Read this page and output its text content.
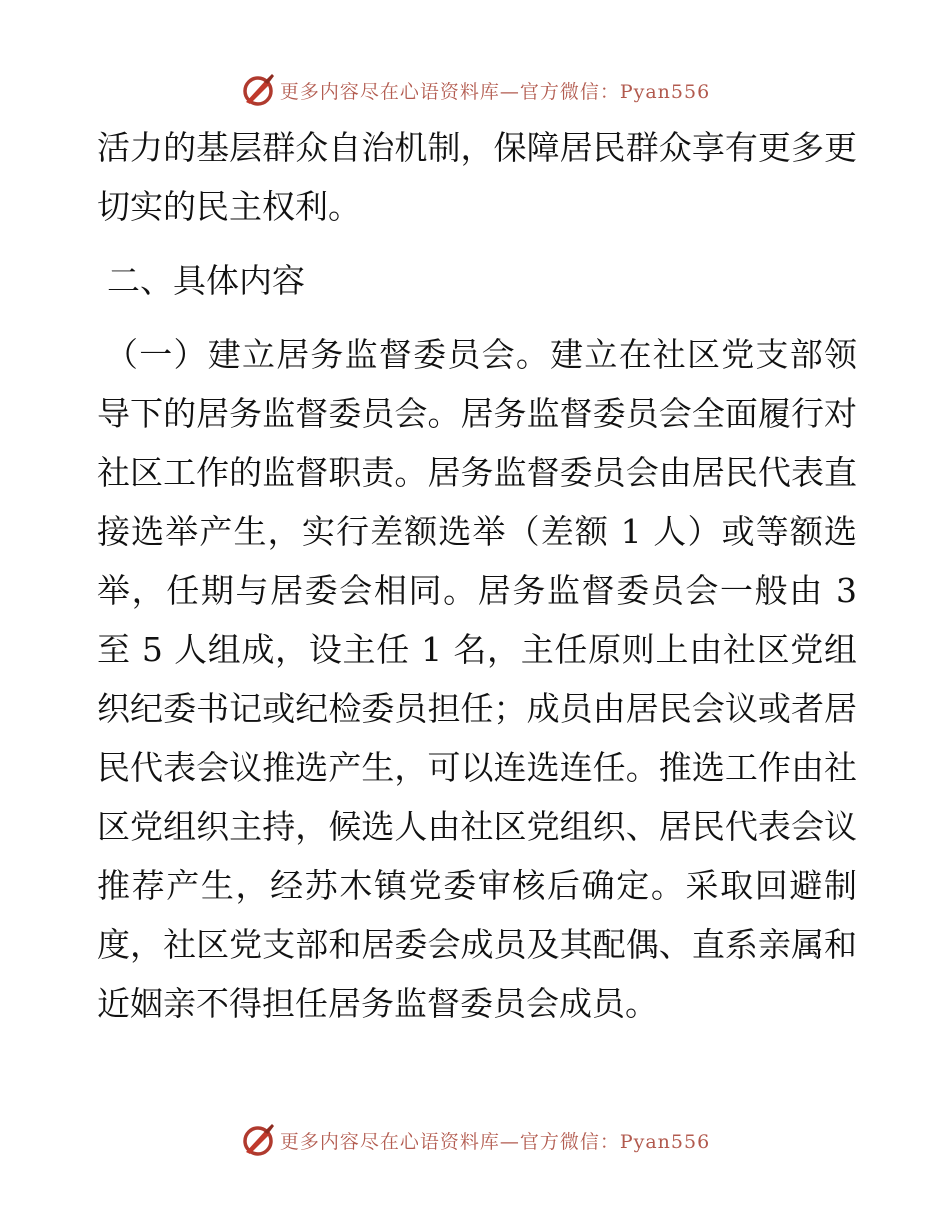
更多内容尽在心语资料库—官方微信：Pyan556

活力的基层群众自治机制，保障居民群众享有更多更切实的民主权利。

二、具体内容

（一）建立居务监督委员会。建立在社区党支部领导下的居务监督委员会。居务监督委员会全面履行对社区工作的监督职责。居务监督委员会由居民代表直接选举产生，实行差额选举（差额 1 人）或等额选举，任期与居委会相同。居务监督委员会一般由 3 至 5 人组成，设主任 1 名，主任原则上由社区党组织纪委书记或纪检委员担任；成员由居民会议或者居民代表会议推选产生，可以连选连任。推选工作由社区党组织主持，候选人由社区党组织、居民代表会议推荐产生，经苏木镇党委审核后确定。采取回避制度，社区党支部和居委会成员及其配偶、直系亲属和近姻亲不得担任居务监督委员会成员。

更多内容尽在心语资料库—官方微信：Pyan556
